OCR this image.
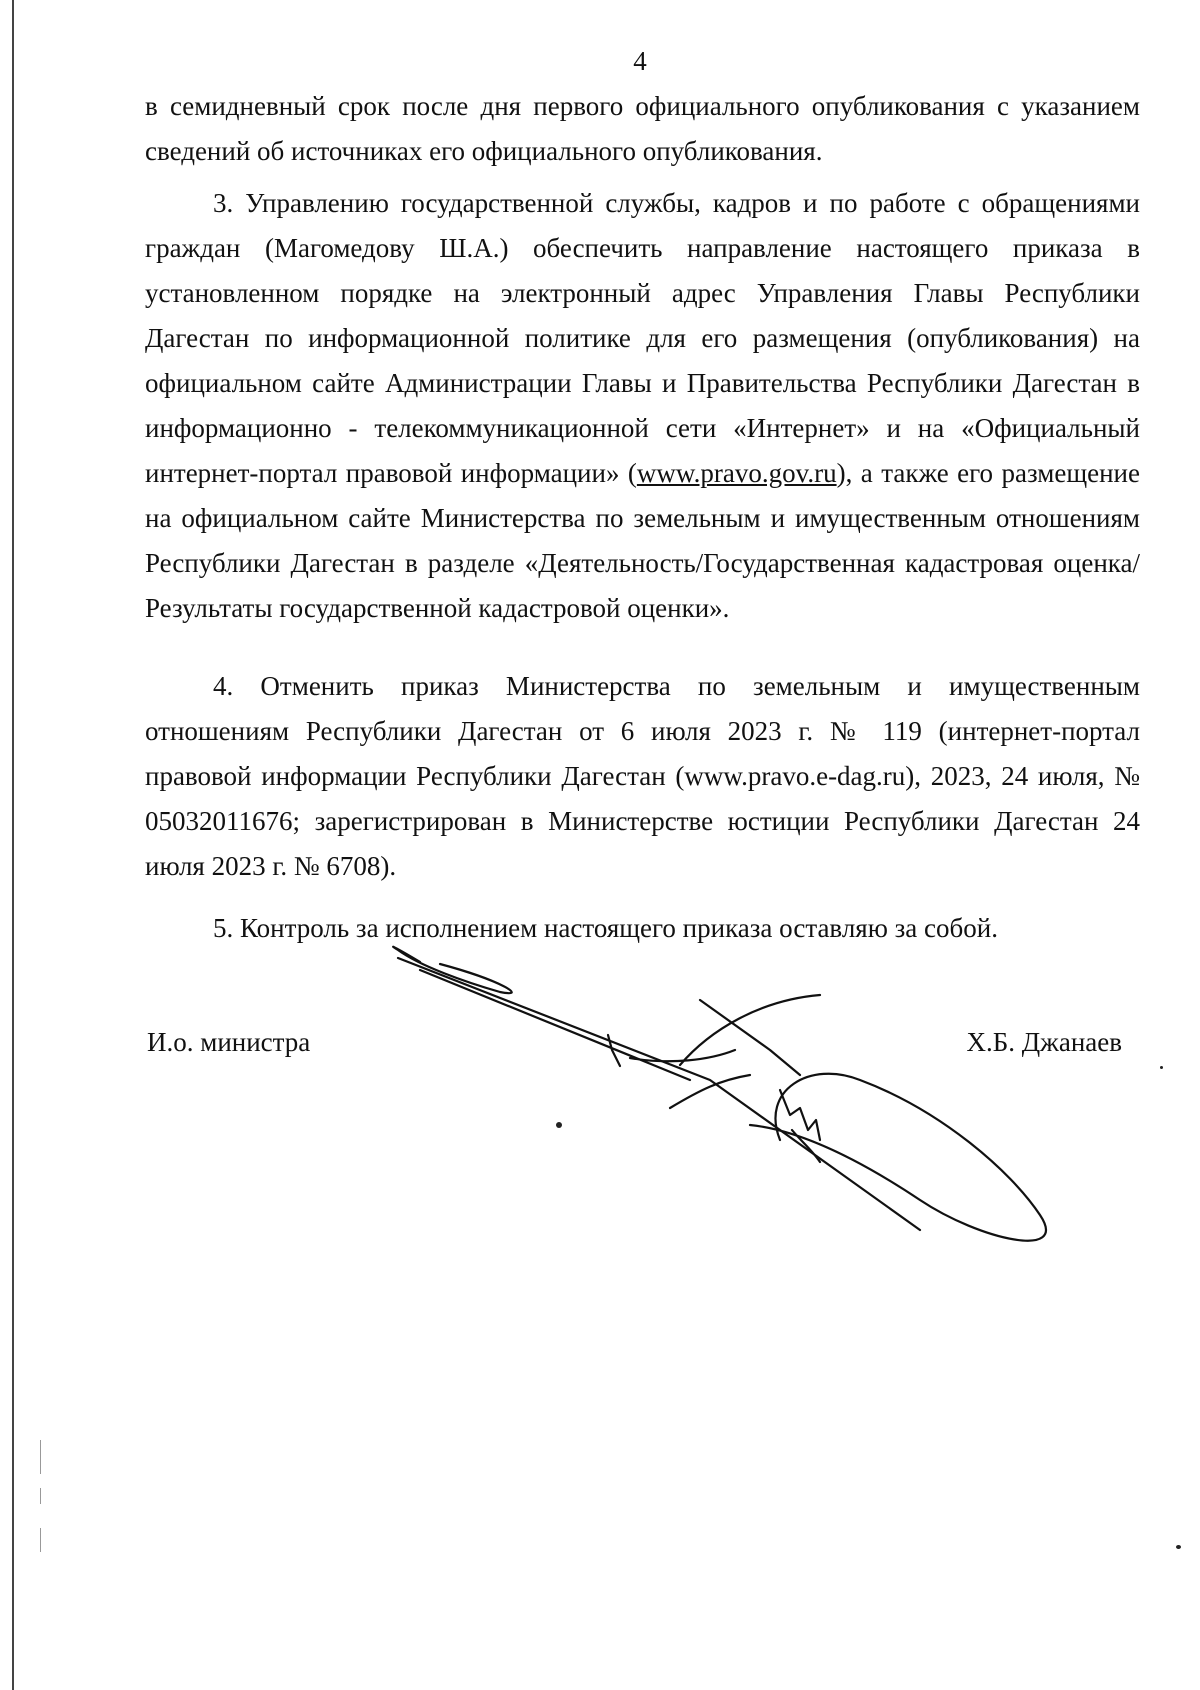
4

в семидневный срок после дня первого официального опубликования с указанием сведений об источниках его официального опубликования.

3. Управлению государственной службы, кадров и по работе с обращениями граждан (Магомедову Ш.А.) обеспечить направление настоящего приказа в установленном порядке на электронный адрес Управления Главы Республики Дагестан по информационной политике для его размещения (опубликования) на официальном сайте Администрации Главы и Правительства Республики Дагестан в информационно - телекоммуникационной сети «Интернет» и на «Официальный интернет-портал правовой информации» (www.pravo.gov.ru), а также его размещение на официальном сайте Министерства по земельным и имущественным отношениям Республики Дагестан в разделе «Деятельность/Государственная кадастровая оценка/Результаты государственной кадастровой оценки».

4. Отменить приказ Министерства по земельным и имущественным отношениям Республики Дагестан от 6 июля 2023 г. № 119 (интернет-портал правовой информации Республики Дагестан (www.pravo.e-dag.ru), 2023, 24 июля, № 05032011676; зарегистрирован в Министерстве юстиции Республики Дагестан 24 июля 2023 г. № 6708).

5. Контроль за исполнением настоящего приказа оставляю за собой.

И.о. министра	Х.Б. Джанаев
